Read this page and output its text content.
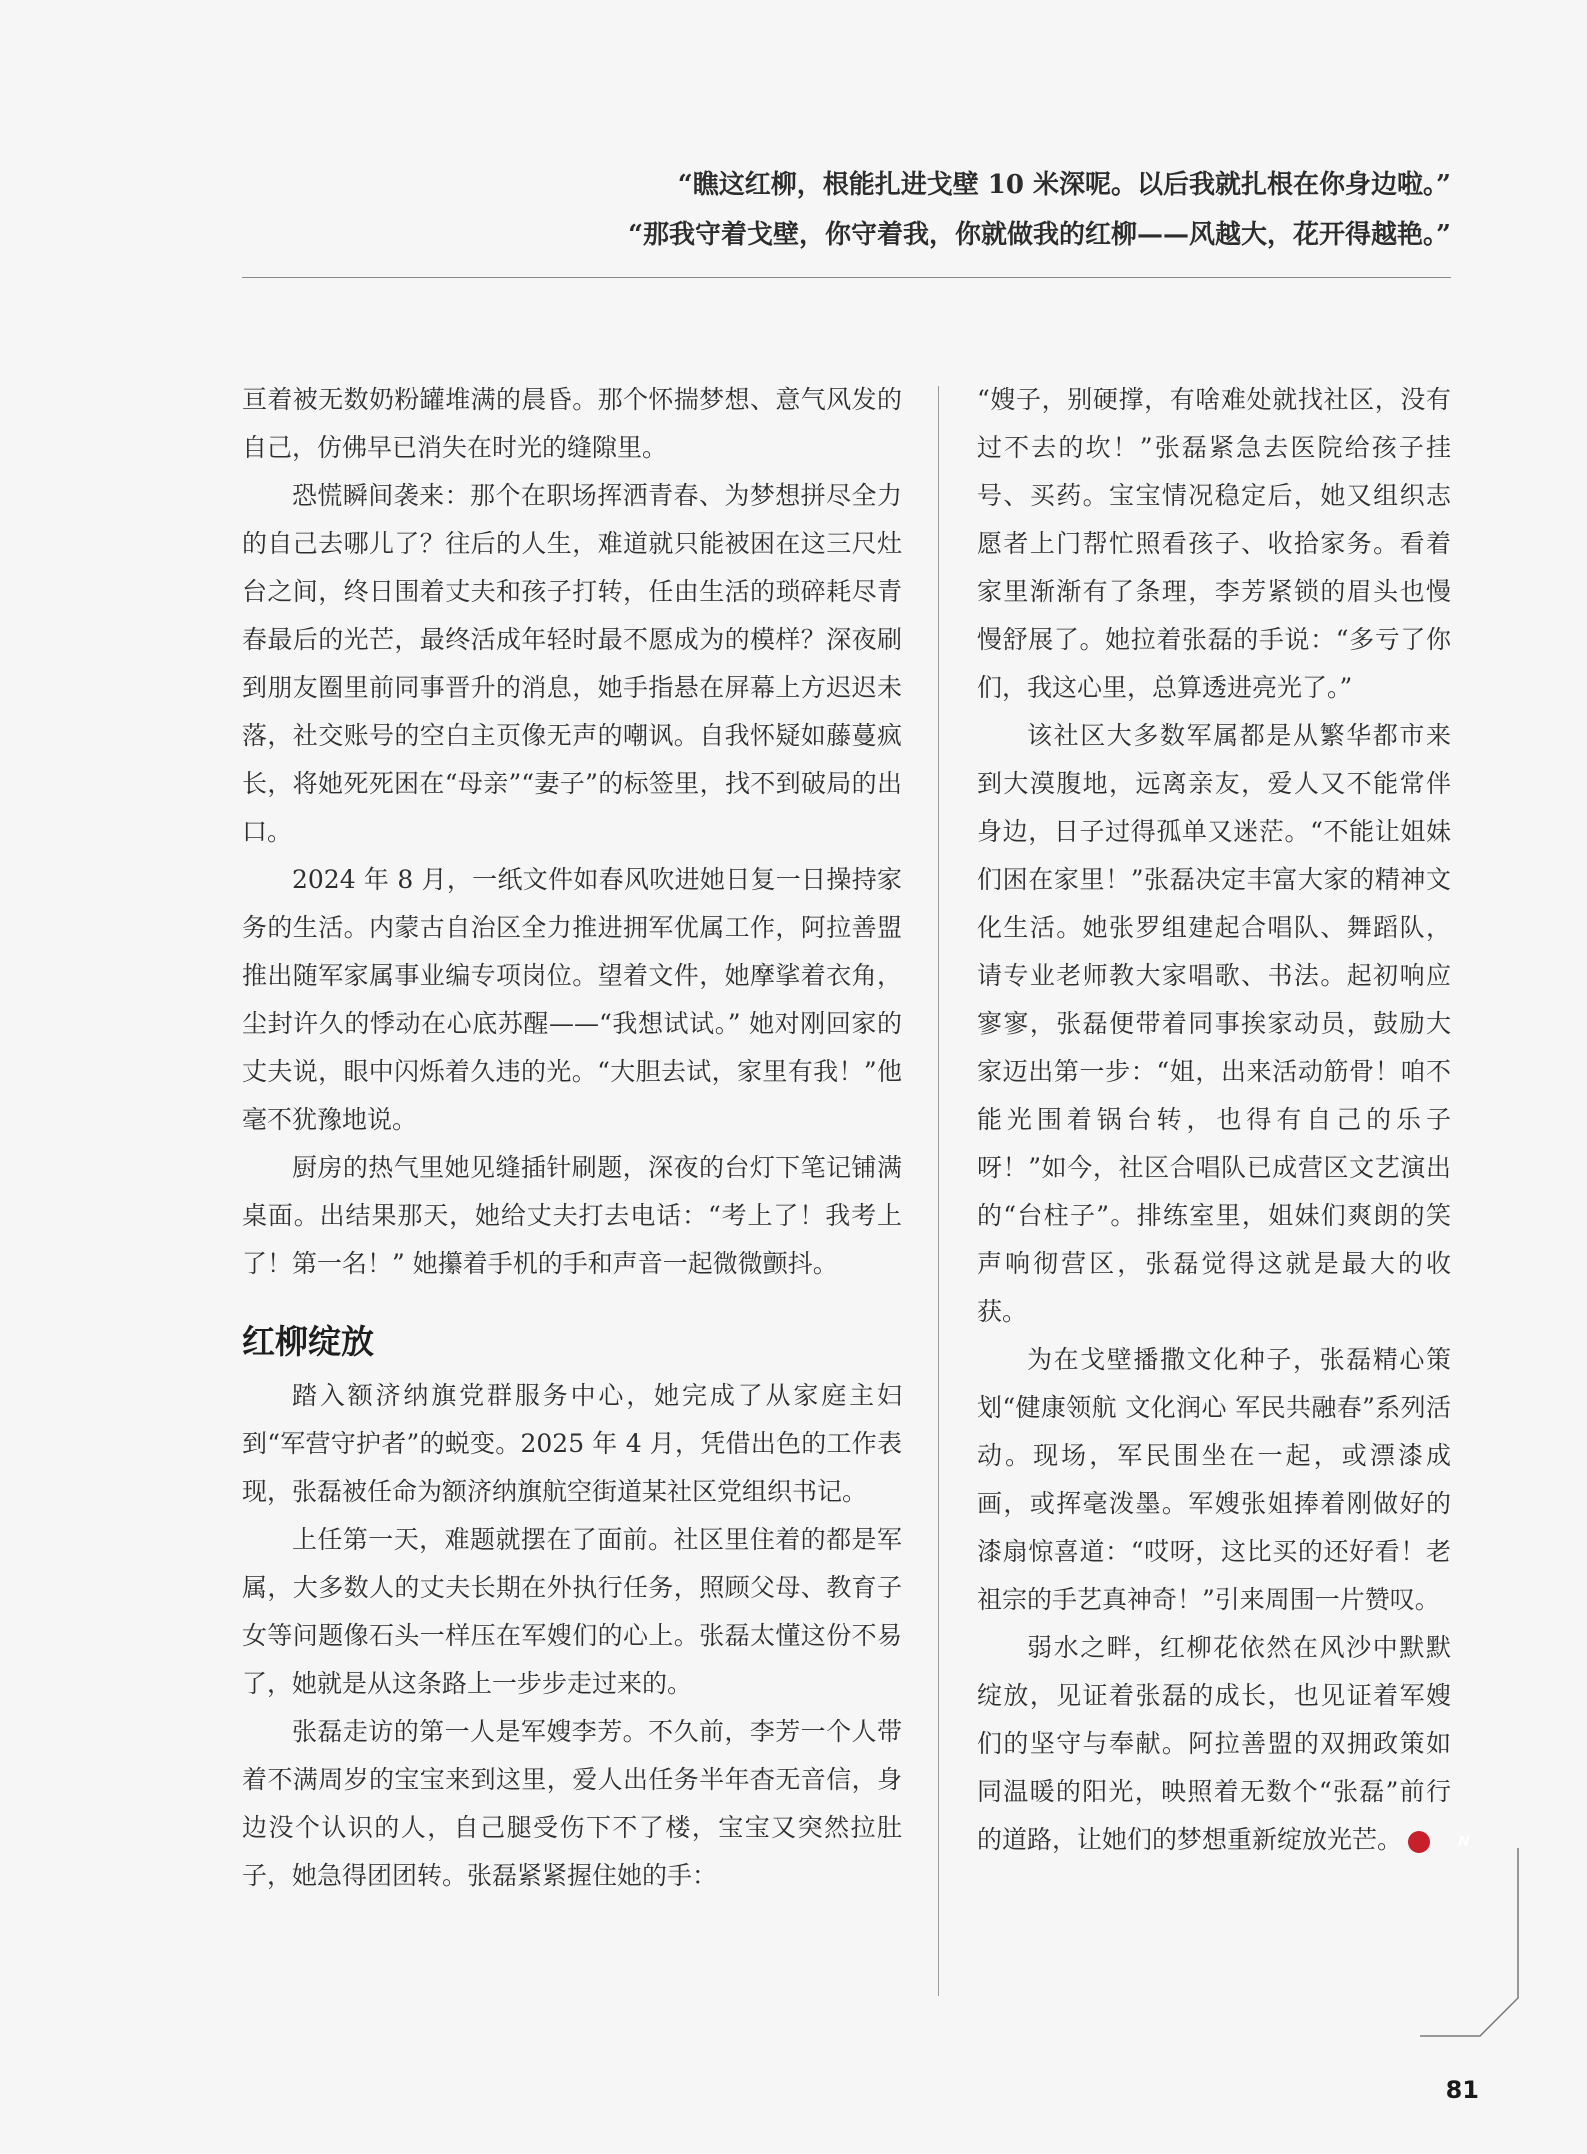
“瞧这红柳，根能扎进戈壁 10 米深呢。以后我就扎根在你身边啦。”
“那我守着戈壁，你守着我，你就做我的红柳——风越大，花开得越艳。”

亘着被无数奶粉罐堆满的晨昏。那个怀揣梦想、意气风发的自己，仿佛早已消失在时光的缝隙里。

恐慌瞬间袭来：那个在职场挥洒青春、为梦想拼尽全力的自己去哪儿了？往后的人生，难道就只能被困在这三尺灶台之间，终日围着丈夫和孩子打转，任由生活的琐碎耗尽青春最后的光芒，最终活成年轻时最不愿成为的模样？深夜刷到朋友圈里前同事晋升的消息，她手指悬在屏幕上方迟迟未落，社交账号的空白主页像无声的嘲讽。自我怀疑如藤蔓疯长，将她死死困在“母亲”“妻子”的标签里，找不到破局的出口。

2024 年 8 月，一纸文件如春风吹进她日复一日操持家务的生活。内蒙古自治区全力推进拥军优属工作，阿拉善盟推出随军家属事业编专项岗位。望着文件，她摩挲着衣角，尘封许久的悸动在心底苏醒——“我想试试。” 她对刚回家的丈夫说，眼中闪烁着久违的光。“大胆去试，家里有我！”他毫不犹豫地说。

厨房的热气里她见缝插针刷题，深夜的台灯下笔记铺满桌面。出结果那天，她给丈夫打去电话：“考上了！我考上了！第一名！” 她攥着手机的手和声音一起微微颤抖。

红柳绽放

踏入额济纳旗党群服务中心，她完成了从家庭主妇到“军营守护者”的蜕变。2025 年 4 月，凭借出色的工作表现，张磊被任命为额济纳旗航空街道某社区党组织书记。

上任第一天，难题就摆在了面前。社区里住着的都是军属，大多数人的丈夫长期在外执行任务，照顾父母、教育子女等问题像石头一样压在军嫂们的心上。张磊太懂这份不易了，她就是从这条路上一步步走过来的。

张磊走访的第一人是军嫂李芳。不久前，李芳一个人带着不满周岁的宝宝来到这里，爱人出任务半年杳无音信，身边没个认识的人，自己腿受伤下不了楼，宝宝又突然拉肚子，她急得团团转。张磊紧紧握住她的手：

“嫂子，别硬撑，有啥难处就找社区，没有过不去的坎！”张磊紧急去医院给孩子挂号、买药。宝宝情况稳定后，她又组织志愿者上门帮忙照看孩子、收拾家务。看着家里渐渐有了条理，李芳紧锁的眉头也慢慢舒展了。她拉着张磊的手说：“多亏了你们，我这心里，总算透进亮光了。”

该社区大多数军属都是从繁华都市来到大漠腹地，远离亲友，爱人又不能常伴身边，日子过得孤单又迷茫。“不能让姐妹们困在家里！”张磊决定丰富大家的精神文化生活。她张罗组建起合唱队、舞蹈队，请专业老师教大家唱歌、书法。起初响应寥寥，张磊便带着同事挨家动员，鼓励大家迈出第一步：“姐，出来活动筋骨！咱不能光围着锅台转，也得有自己的乐子呀！”如今，社区合唱队已成营区文艺演出的“台柱子”。排练室里，姐妹们爽朗的笑声响彻营区，张磊觉得这就是最大的收获。

为在戈壁播撒文化种子，张磊精心策划“健康领航 文化润心 军民共融春”系列活动。现场，军民围坐在一起，或漂漆成画，或挥毫泼墨。军嫂张姐捧着刚做好的漆扇惊喜道：“哎呀，这比买的还好看！老祖宗的手艺真神奇！”引来周围一片赞叹。

弱水之畔，红柳花依然在风沙中默默绽放，见证着张磊的成长，也见证着军嫂们的坚守与奉献。阿拉善盟的双拥政策如同温暖的阳光，映照着无数个“张磊”前行的道路，让她们的梦想重新绽放光芒。	N

81
